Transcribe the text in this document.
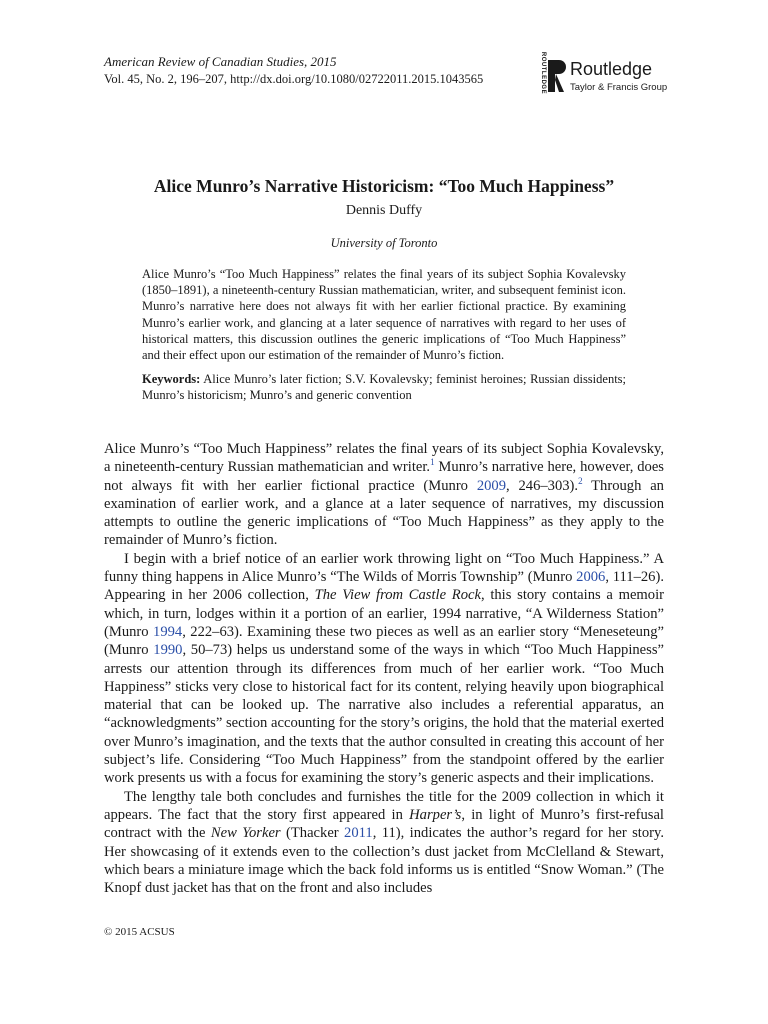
American Review of Canadian Studies, 2015
Vol. 45, No. 2, 196–207, http://dx.doi.org/10.1080/02722011.2015.1043565	ROUTLEDGE Routledge
Taylor & Francis Group
Alice Munro’s Narrative Historicism: “Too Much Happiness”
Dennis Duffy
University of Toronto

Alice Munro’s “Too Much Happiness” relates the final years of its subject Sophia Kovalevsky (1850–1891), a nineteenth-century Russian mathematician, writer, and subsequent feminist icon. Munro’s narrative here does not always fit with her earlier fictional practice. By examining Munro’s earlier work, and glancing at a later sequence of narratives with regard to her uses of historical matters, this discussion outlines the generic implications of “Too Much Happiness” and their effect upon our estimation of the remainder of Munro’s fiction.

Keywords: Alice Munro’s later fiction; S.V. Kovalevsky; feminist heroines; Russian dissidents; Munro’s historicism; Munro’s and generic convention

Alice Munro’s “Too Much Happiness” relates the final years of its subject Sophia Kovalevsky, a nineteenth-century Russian mathematician and writer.$^1$ Munro’s narrative here, however, does not always fit with her earlier fictional practice (Munro 2009, 246–303).$^2$ Through an examination of earlier work, and a glance at a later sequence of narratives, my discussion attempts to outline the generic implications of “Too Much Happiness” as they apply to the remainder of Munro’s fiction.

I begin with a brief notice of an earlier work throwing light on “Too Much Happiness.” A funny thing happens in Alice Munro’s “The Wilds of Morris Township” (Munro 2006, 111–26). Appearing in her 2006 collection, The View from Castle Rock, this story contains a memoir which, in turn, lodges within it a portion of an earlier, 1994 narrative, “A Wilderness Station” (Munro 1994, 222–63). Examining these two pieces as well as an earlier story “Meneseteung” (Munro 1990, 50–73) helps us understand some of the ways in which “Too Much Happiness” arrests our attention through its differences from much of her earlier work. “Too Much Happiness” sticks very close to historical fact for its content, relying heavily upon biographical material that can be looked up. The narrative also includes a referential apparatus, an “acknowledgments” section accounting for the story’s origins, the hold that the material exerted over Munro’s imagination, and the texts that the author consulted in creating this account of her subject’s life. Considering “Too Much Happiness” from the standpoint offered by the earlier work presents us with a focus for examining the story’s generic aspects and their implications.

The lengthy tale both concludes and furnishes the title for the 2009 collection in which it appears. The fact that the story first appeared in Harper’s, in light of Munro’s first-refusal contract with the New Yorker (Thacker 2011, 11), indicates the author’s regard for her story. Her showcasing of it extends even to the collection’s dust jacket from McClelland & Stewart, which bears a miniature image which the back fold informs us is entitled “Snow Woman.” (The Knopf dust jacket has that on the front and also includes

© 2015 ACSUS
